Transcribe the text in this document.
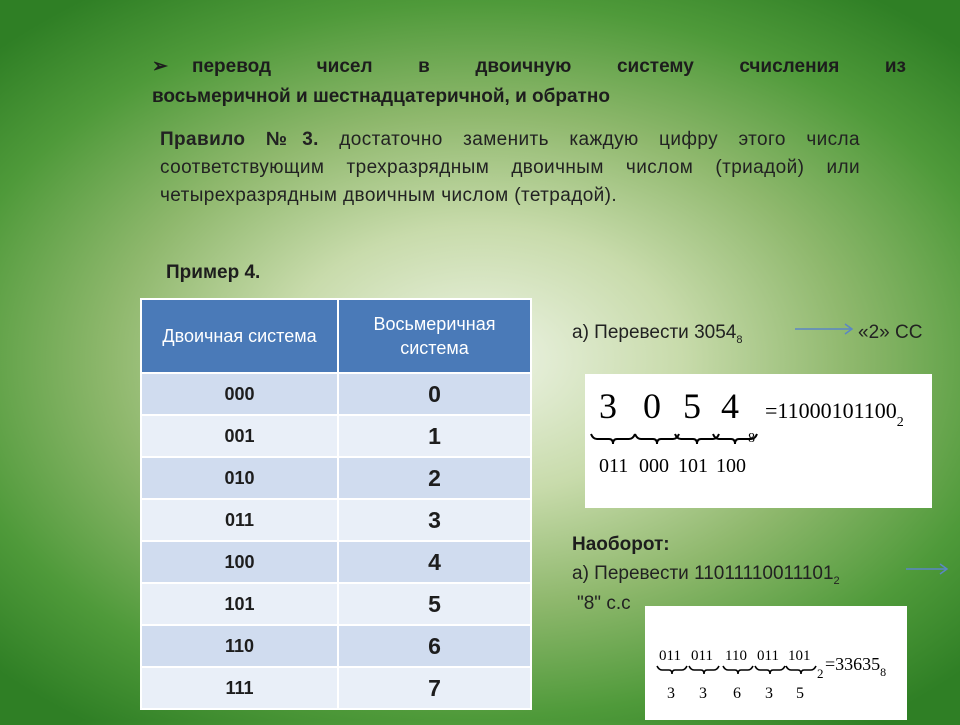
➢ перевод чисел в двоичную систему счисления из
восьмеричной и шестнадцатеричной, и обратно
Правило №3. достаточно заменить каждую цифру этого числа соответствующим трехразрядным двоичным числом (триадой) или четырехразрядным двоичным числом (тетрадой).
Пример 4.
Двоичная система	Восьмеричная система
000	0
001	1
010	2
011	3
100	4
101	5
110	6
111	7
а) Перевести $3054_8$	«2» СС
3 0 5 4
8
$=11000101100_2$
011 000 101 100
Наоборот:
а) Перевести $11011110011101_2$
"8" с.с
011 011 110 011 101
$2 =33635_8$
3 3 6 3 5
